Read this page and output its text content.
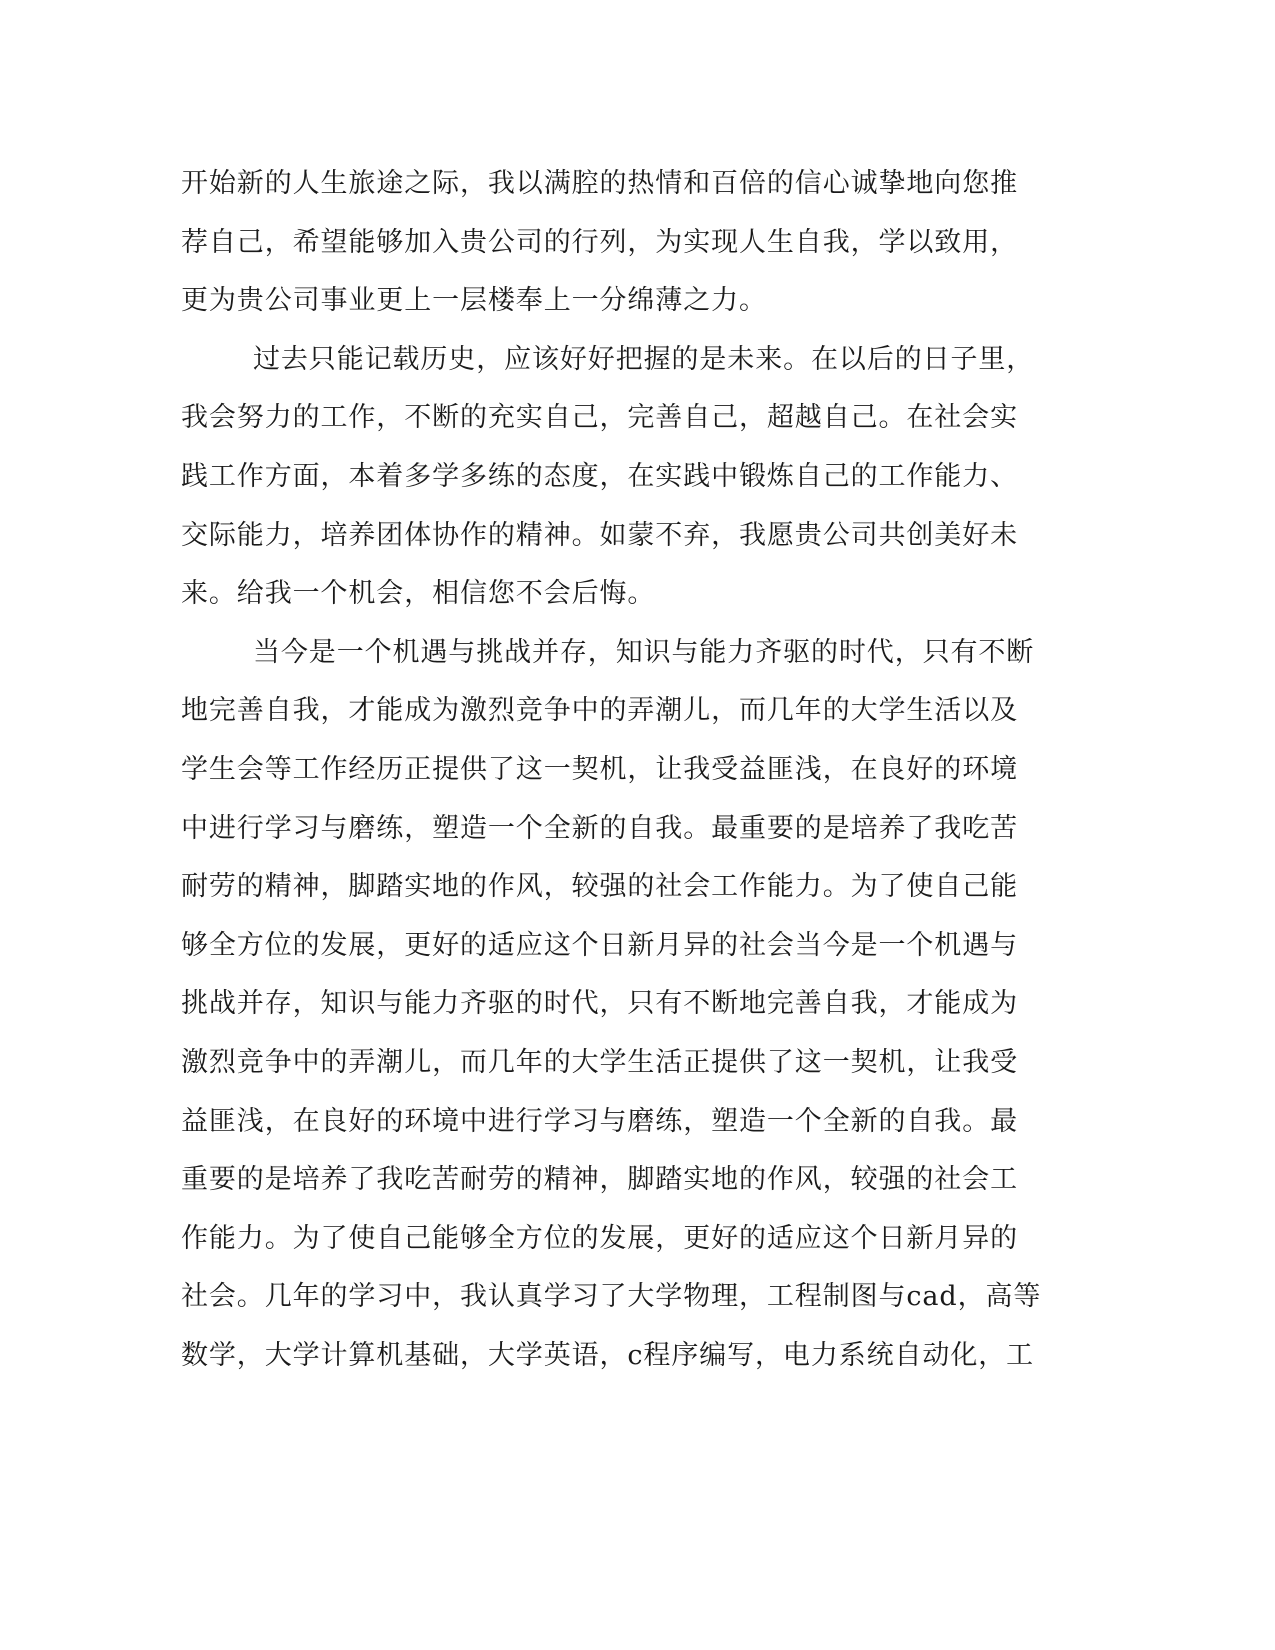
开始新的人生旅途之际，我以满腔的热情和百倍的信心诚挚地向您推
荐自己，希望能够加入贵公司的行列，为实现人生自我，学以致用，
更为贵公司事业更上一层楼奉上一分绵薄之力。
过去只能记载历史，应该好好把握的是未来。在以后的日子里，
我会努力的工作，不断的充实自己，完善自己，超越自己。在社会实
践工作方面，本着多学多练的态度，在实践中锻炼自己的工作能力、
交际能力，培养团体协作的精神。如蒙不弃，我愿贵公司共创美好未
来。给我一个机会，相信您不会后悔。
当今是一个机遇与挑战并存，知识与能力齐驱的时代，只有不断
地完善自我，才能成为激烈竞争中的弄潮儿，而几年的大学生活以及
学生会等工作经历正提供了这一契机，让我受益匪浅，在良好的环境
中进行学习与磨练，塑造一个全新的自我。最重要的是培养了我吃苦
耐劳的精神，脚踏实地的作风，较强的社会工作能力。为了使自己能
够全方位的发展，更好的适应这个日新月异的社会当今是一个机遇与
挑战并存，知识与能力齐驱的时代，只有不断地完善自我，才能成为
激烈竞争中的弄潮儿，而几年的大学生活正提供了这一契机，让我受
益匪浅，在良好的环境中进行学习与磨练，塑造一个全新的自我。最
重要的是培养了我吃苦耐劳的精神，脚踏实地的作风，较强的社会工
作能力。为了使自己能够全方位的发展，更好的适应这个日新月异的
社会。几年的学习中，我认真学习了大学物理，工程制图与cad，高等
数学，大学计算机基础，大学英语，c程序编写，电力系统自动化，工
